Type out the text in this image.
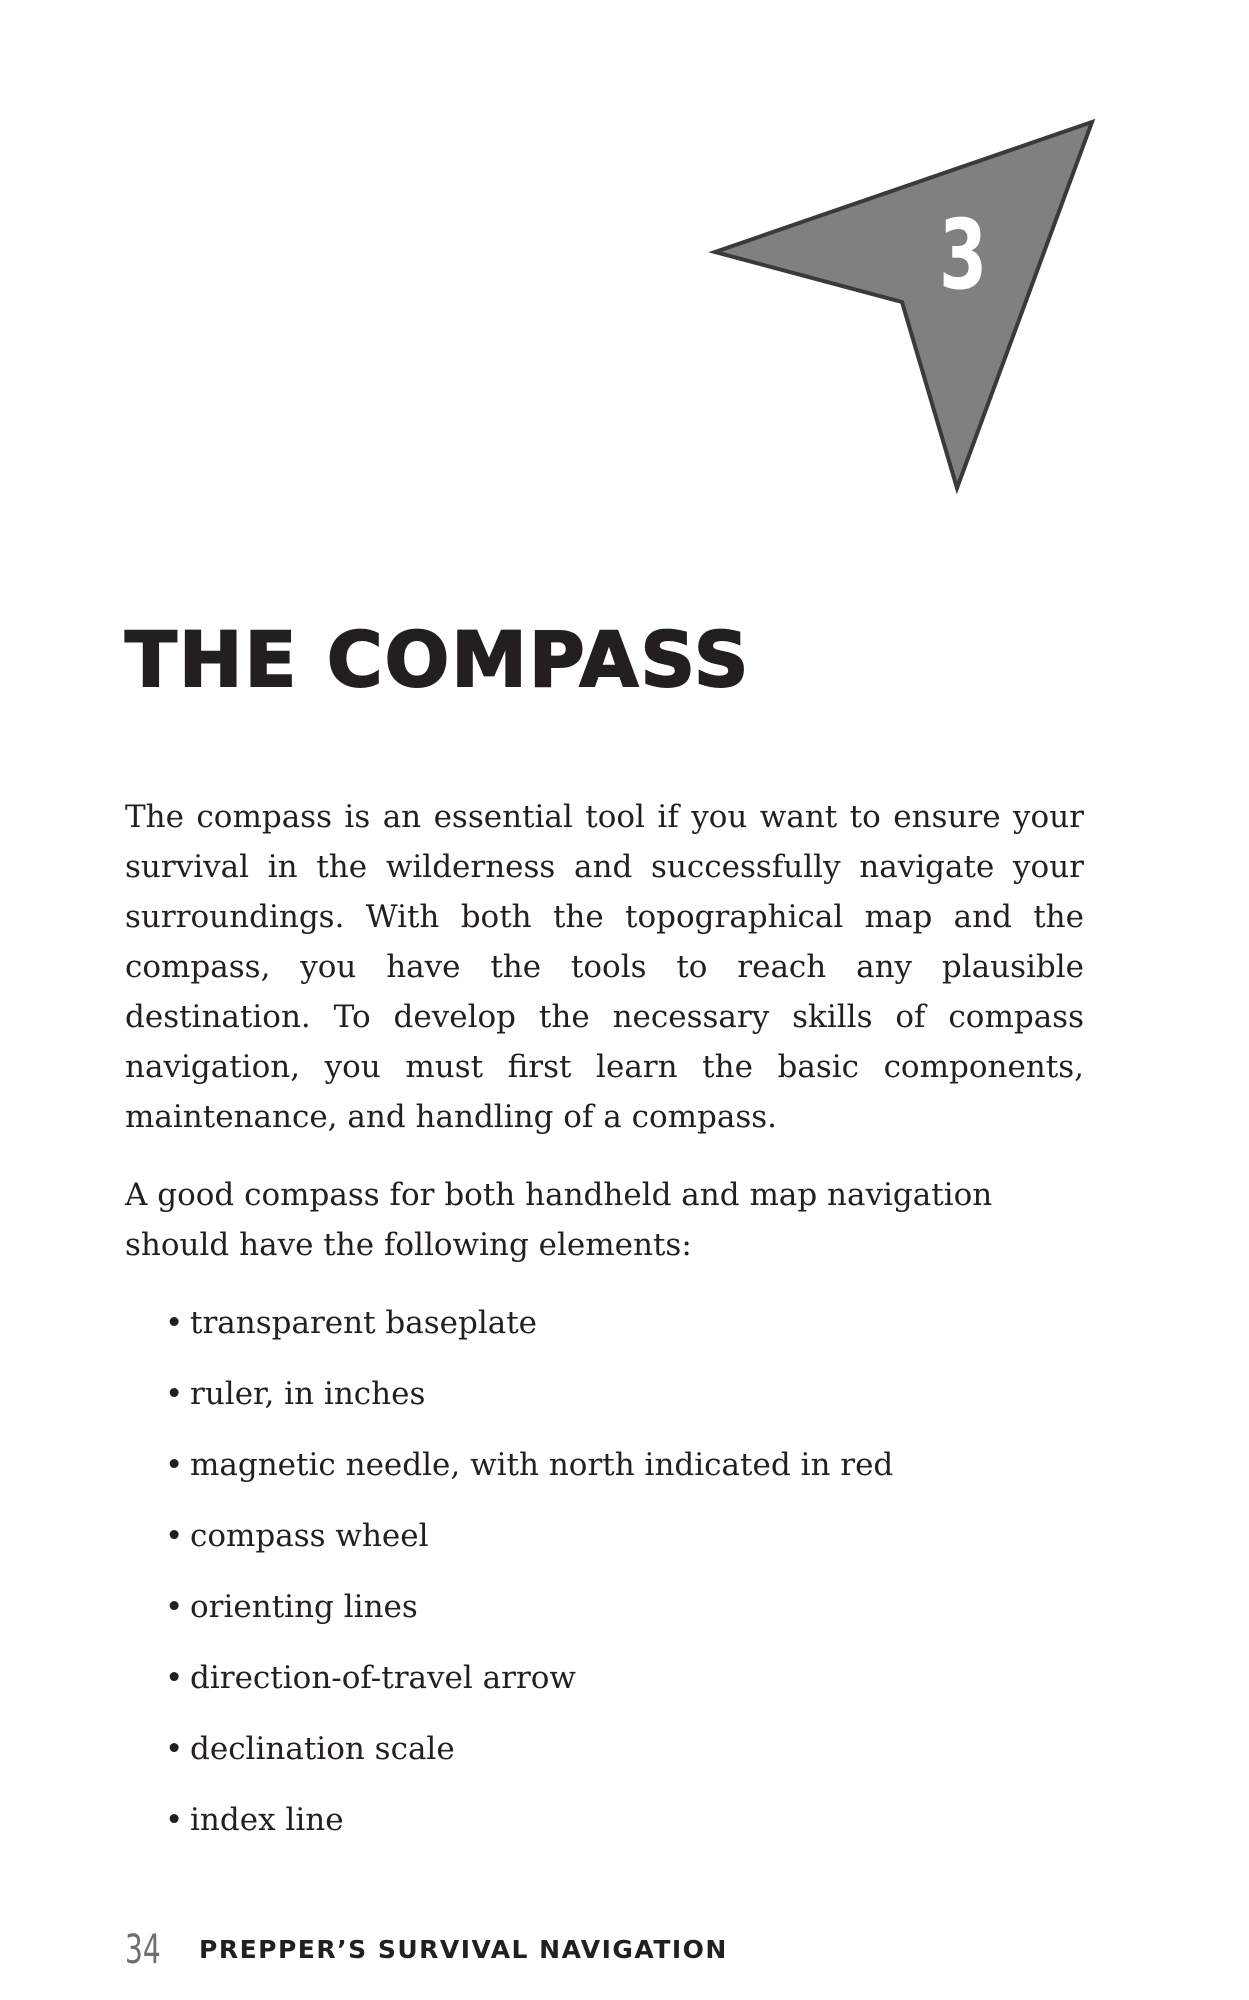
3
THE COMPASS

The compass is an essential tool if you want to ensure your survival in the wilderness and successfully navigate your surroundings. With both the topographical map and the compass, you have the tools to reach any plausible destination. To develop the necessary skills of compass navigation, you must first learn the basic components, maintenance, and handling of a compass.

A good compass for both handheld and map navigation should have the following elements:

• transparent baseplate
• ruler, in inches
• magnetic needle, with north indicated in red
• compass wheel
• orienting lines
• direction-of-travel arrow
• declination scale
• index line
34 PREPPER’S SURVIVAL NAVIGATION
